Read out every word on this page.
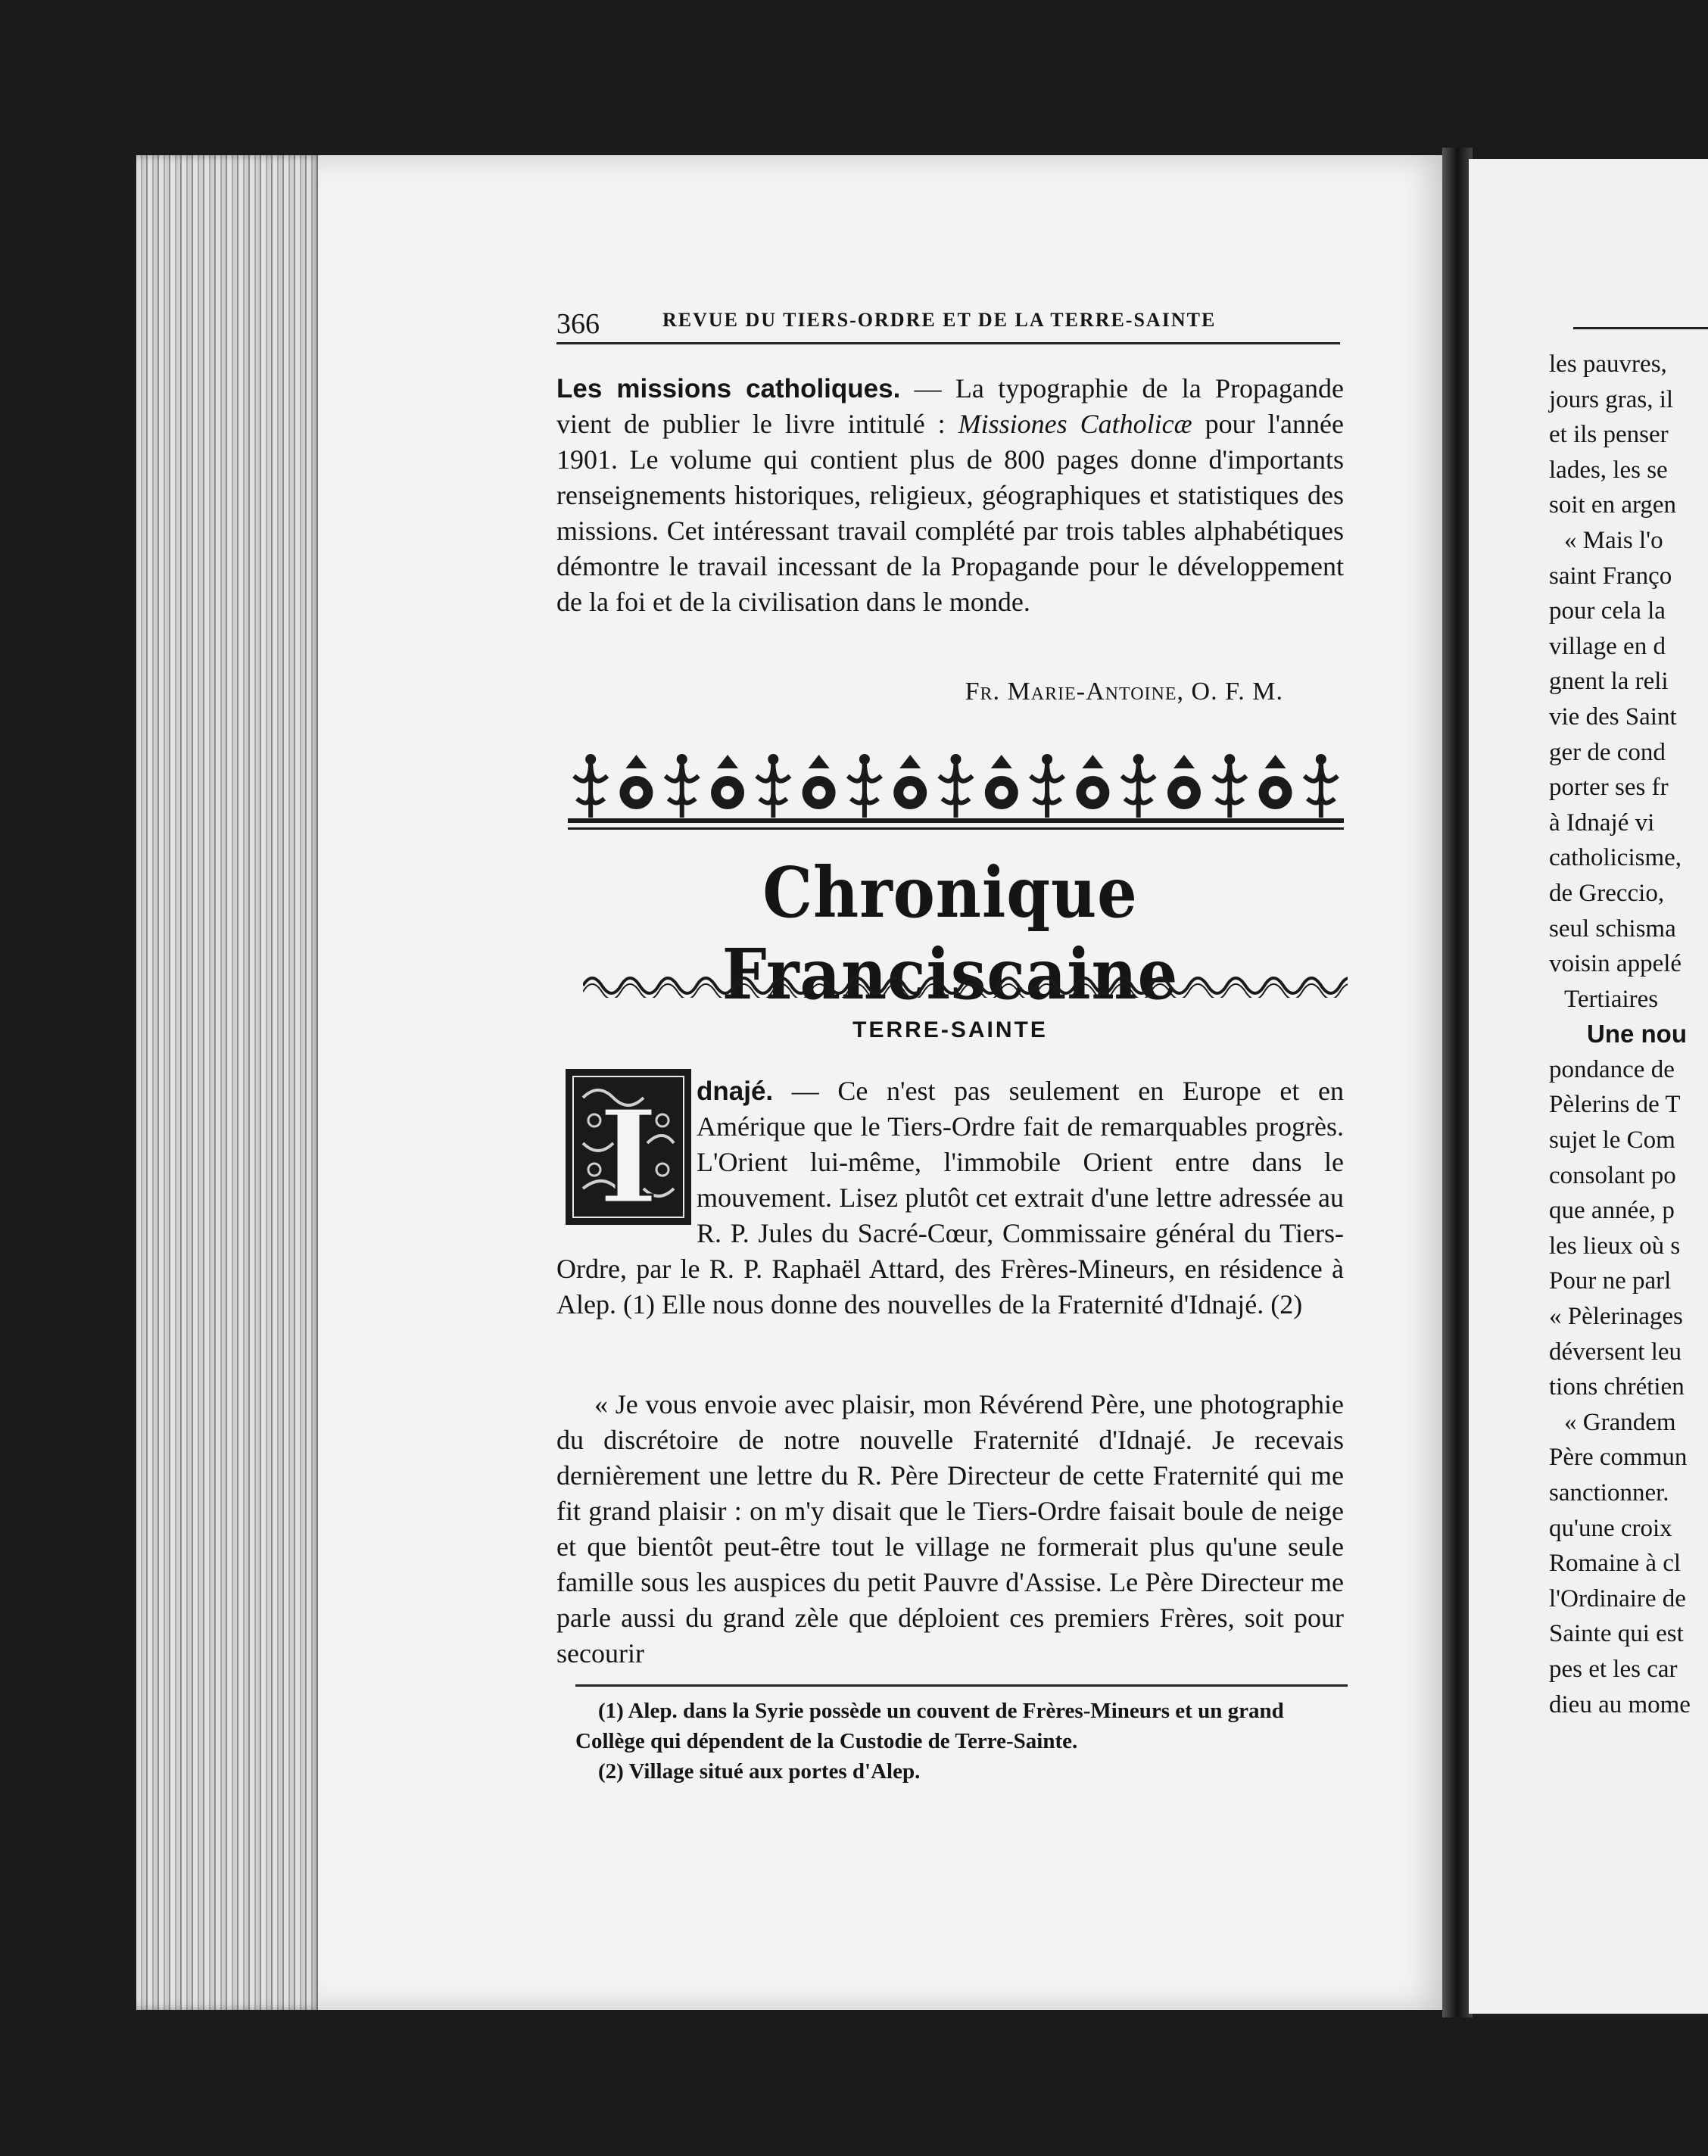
366	REVUE DU TIERS-ORDRE ET DE LA TERRE-SAINTE
Les missions catholiques. — La typographie de la Propagande vient de publier le livre intitulé : Missiones Catholicæ pour l'année 1901. Le volume qui contient plus de 800 pages donne d'importants renseignements historiques, religieux, géographiques et statistiques des missions. Cet intéressant travail complété par trois tables alphabétiques démontre le travail incessant de la Propagande pour le développement de la foi et de la civilisation dans le monde.
Fr. Marie-Antoine, O. F. M.
Chronique Franciscaine
TERRE-SAINTE
I	dnajé. — Ce n'est pas seulement en Europe et en Amérique que le Tiers-Ordre fait de remarquables progrès. L'Orient lui-même, l'immobile Orient entre dans le mouvement. Lisez plutôt cet extrait d'une lettre adressée au R. P. Jules du Sacré-Cœur, Commissaire général du Tiers-Ordre, par le R. P. Raphaël Attard, des Frères-Mineurs, en résidence à Alep. (1) Elle nous donne des nouvelles de la Fraternité d'Idnajé. (2)
« Je vous envoie avec plaisir, mon Révérend Père, une photographie du discrétoire de notre nouvelle Fraternité d'Idnajé. Je recevais dernièrement une lettre du R. Père Directeur de cette Fraternité qui me fit grand plaisir : on m'y disait que le Tiers-Ordre faisait boule de neige et que bientôt peut-être tout le village ne formerait plus qu'une seule famille sous les auspices du petit Pauvre d'Assise. Le Père Directeur me parle aussi du grand zèle que déploient ces premiers Frères, soit pour secourir

(1) Alep. dans la Syrie possède un couvent de Frères-Mineurs et un grand Collège qui dépendent de la Custodie de Terre-Sainte.

(2) Village situé aux portes d'Alep.

les pauvres,
jours gras, il
et ils penser
lades, les se
soit en argen
« Mais l'o
saint Franço
pour cela la
village en d
gnent la reli
vie des Saint
ger de cond
porter ses fr
à Idnajé vi
catholicisme,
de Greccio,
seul schisma
voisin appelé
Tertiaires
Une nou
pondance de
Pèlerins de T
sujet le Com
consolant po
que année, p
les lieux où s
Pour ne parl
« Pèlerinages
déversent leu
tions chrétien
« Grandem
Père commun
sanctionner.
qu'une croix
Romaine à cl
l'Ordinaire de
Sainte qui est
pes et les car
dieu au mome
